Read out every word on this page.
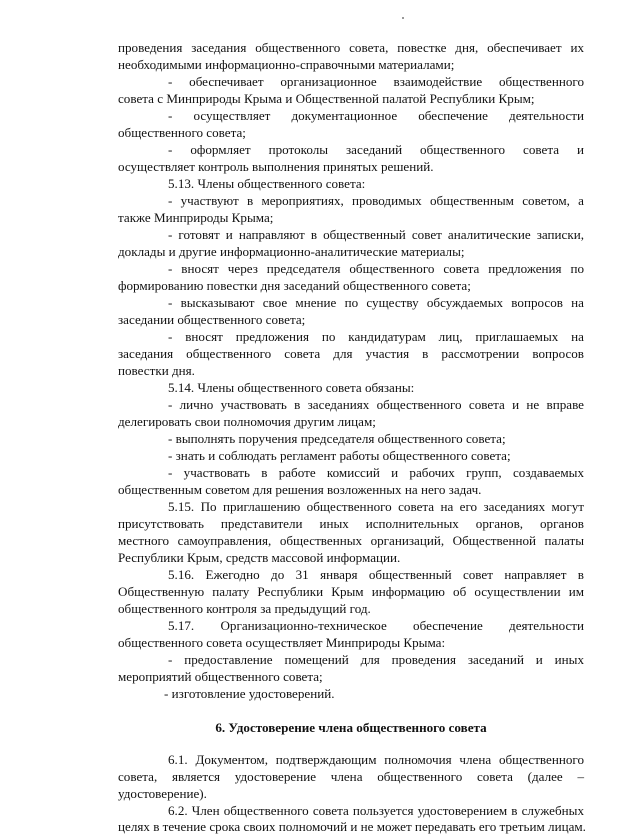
проведения заседания общественного совета, повестке дня, обеспечивает их
необходимыми информационно-справочными материалами;
- обеспечивает организационное взаимодействие общественного
совета с Минприроды Крыма и Общественной палатой Республики Крым;
- осуществляет документационное обеспечение деятельности
общественного совета;
- оформляет протоколы заседаний общественного совета и
осуществляет контроль выполнения принятых решений.
5.13. Члены общественного совета:
- участвуют в мероприятиях, проводимых общественным советом, а
также Минприроды Крыма;
- готовят и направляют в общественный совет аналитические записки,
доклады и другие информационно-аналитические материалы;
- вносят через председателя общественного совета предложения по
формированию повестки дня заседаний общественного совета;
- высказывают свое мнение по существу обсуждаемых вопросов на
заседании общественного совета;
- вносят предложения по кандидатурам лиц, приглашаемых на
заседания общественного совета для участия в рассмотрении вопросов
повестки дня.
5.14. Члены общественного совета обязаны:
- лично участвовать в заседаниях общественного совета и не вправе
делегировать свои полномочия другим лицам;
- выполнять поручения председателя общественного совета;
- знать и соблюдать регламент работы общественного совета;
- участвовать в работе комиссий и рабочих групп, создаваемых
общественным советом для решения возложенных на него задач.
5.15. По приглашению общественного совета на его заседаниях могут
присутствовать представители иных исполнительных органов, органов
местного самоуправления, общественных организаций, Общественной палаты
Республики Крым, средств массовой информации.
5.16. Ежегодно до 31 января общественный совет направляет в
Общественную палату Республики Крым информацию об осуществлении им
общественного контроля за предыдущий год.
5.17. Организационно-техническое обеспечение деятельности
общественного совета осуществляет Минприроды Крыма:
- предоставление помещений для проведения заседаний и иных
мероприятий общественного совета;
- изготовление удостоверений.
6. Удостоверение члена общественного совета
6.1. Документом, подтверждающим полномочия члена общественного
совета, является удостоверение члена общественного совета (далее –
удостоверение).
6.2. Член общественного совета пользуется удостоверением в служебных
целях в течение срока своих полномочий и не может передавать его третьим лицам.
